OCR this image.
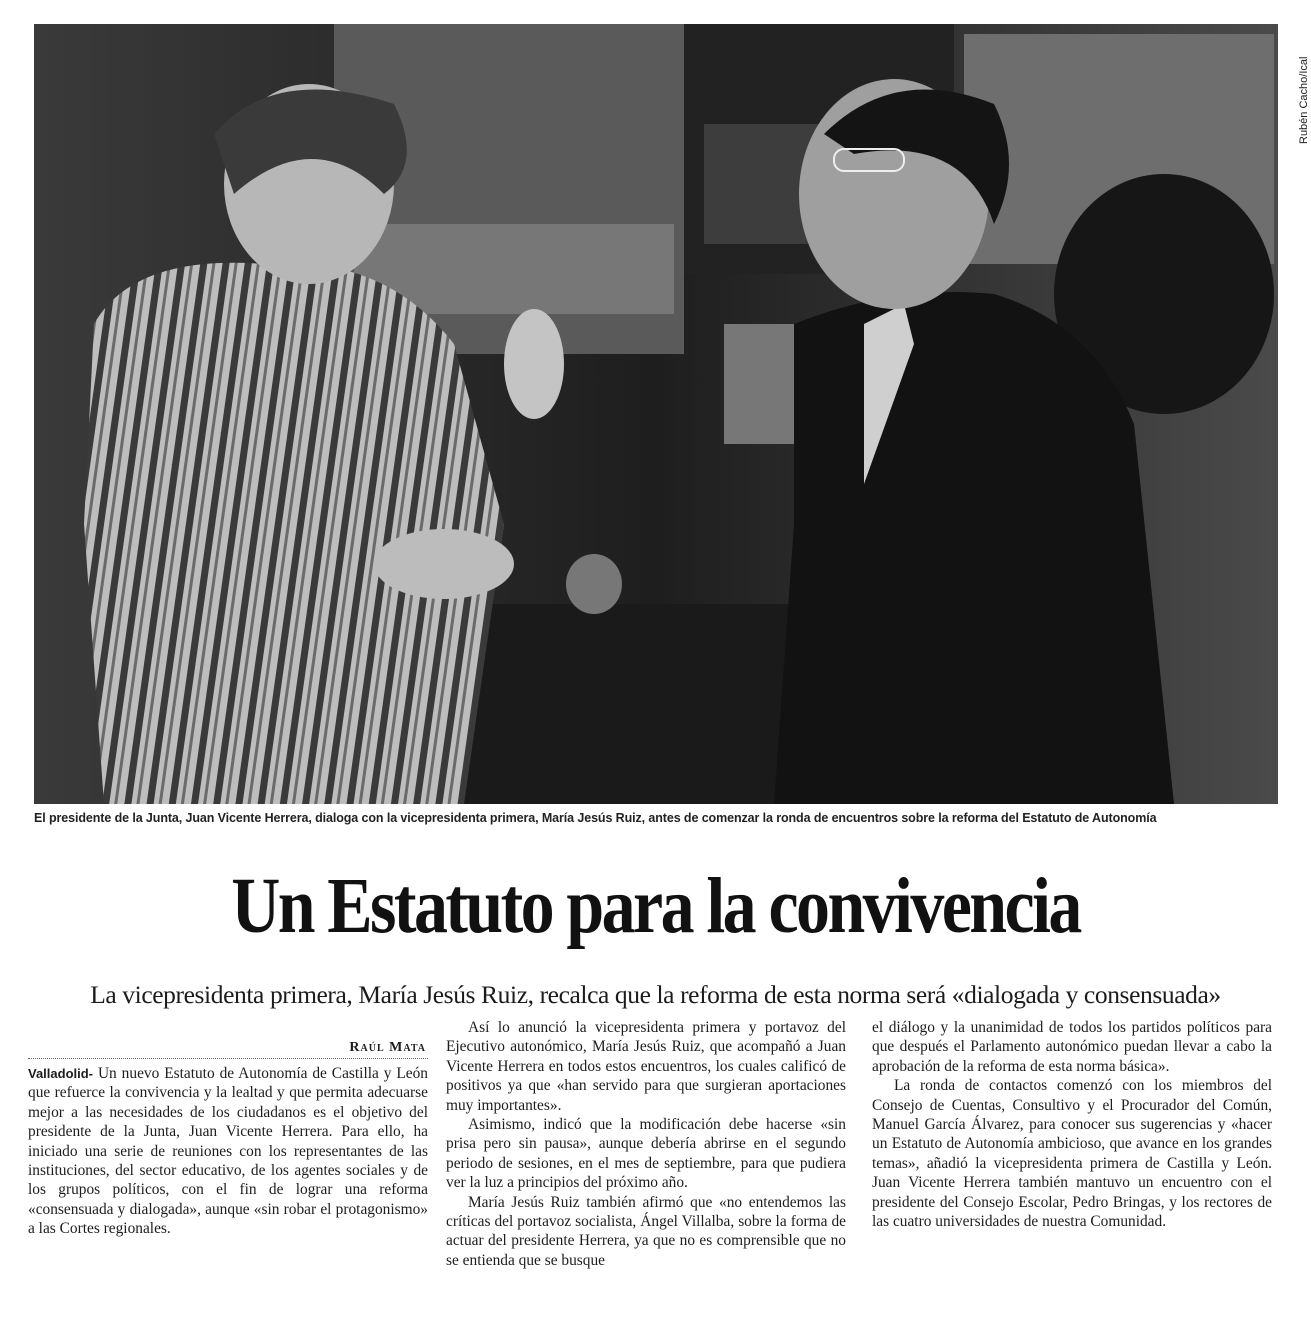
Rubén Cacho/Ical
El presidente de la Junta, Juan Vicente Herrera, dialoga con la vicepresidenta primera, María Jesús Ruiz, antes de comenzar la ronda de encuentros sobre la reforma del Estatuto de Autonomía
Un Estatuto para la convivencia
La vicepresidenta primera, María Jesús Ruiz, recalca que la reforma de esta norma será «dialogada y consensuada»
Raúl Mata

Valladolid- Un nuevo Estatuto de Autonomía de Castilla y León que refuerce la convivencia y la lealtad y que permita adecuarse mejor a las necesidades de los ciudadanos es el objetivo del presidente de la Junta, Juan Vicente Herrera. Para ello, ha iniciado una serie de reuniones con los representantes de las instituciones, del sector educativo, de los agentes sociales y de los grupos políticos, con el fin de lograr una reforma «consensuada y dialogada», aunque «sin robar el protagonismo» a las Cortes regionales.

Así lo anunció la vicepresidenta primera y portavoz del Ejecutivo autonómico, María Jesús Ruiz, que acompañó a Juan Vicente Herrera en todos estos encuentros, los cuales calificó de positivos ya que «han servido para que surgieran aportaciones muy importantes».

Asimismo, indicó que la modificación debe hacerse «sin prisa pero sin pausa», aunque debería abrirse en el segundo periodo de sesiones, en el mes de septiembre, para que pudiera ver la luz a principios del próximo año.

María Jesús Ruiz también afirmó que «no entendemos las críticas del portavoz socialista, Ángel Villalba, sobre la forma de actuar del presidente Herrera, ya que no es comprensible que no se entienda que se busque

el diálogo y la unanimidad de todos los partidos políticos para que después el Parlamento autonómico puedan llevar a cabo la aprobación de la reforma de esta norma básica».

La ronda de contactos comenzó con los miembros del Consejo de Cuentas, Consultivo y el Procurador del Común, Manuel García Álvarez, para conocer sus sugerencias y «hacer un Estatuto de Autonomía ambicioso, que avance en los grandes temas», añadió la vicepresidenta primera de Castilla y León. Juan Vicente Herrera también mantuvo un encuentro con el presidente del Consejo Escolar, Pedro Bringas, y los rectores de las cuatro universidades de nuestra Comunidad.
